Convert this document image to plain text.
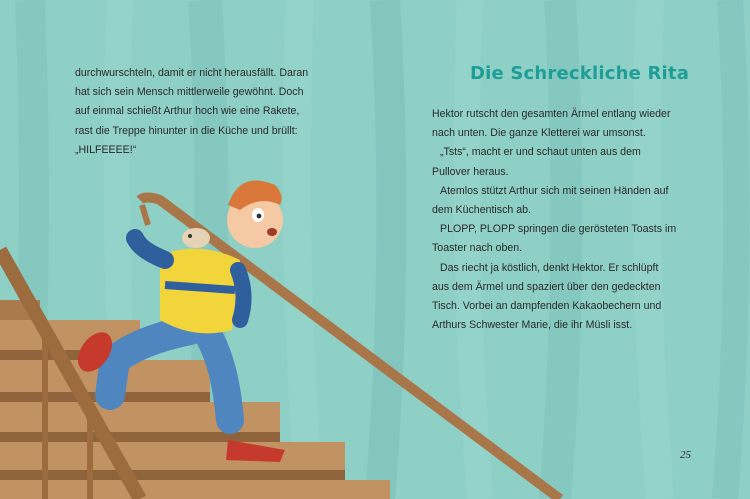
durchwurschteln, damit er nicht herausfällt. Daran

hat sich sein Mensch mittlerweile gewöhnt. Doch

auf einmal schießt Arthur hoch wie eine Rakete,

rast die Treppe hinunter in die Küche und brüllt:

„HILFEEEE!“

Die Schreckliche Rita

Hektor rutscht den gesamten Ärmel entlang wieder

nach unten. Die ganze Kletterei war umsonst.

„Tsts“, macht er und schaut unten aus dem

Pullover heraus.

Atemlos stützt Arthur sich mit seinen Händen auf

dem Küchentisch ab.

PLOPP, PLOPP springen die gerösteten Toasts im

Toaster nach oben.

Das riecht ja köstlich, denkt Hektor. Er schlüpft

aus dem Ärmel und spaziert über den gedeckten

Tisch. Vorbei an dampfenden Kakaobechern und

Arthurs Schwester Marie, die ihr Müsli isst.

25
